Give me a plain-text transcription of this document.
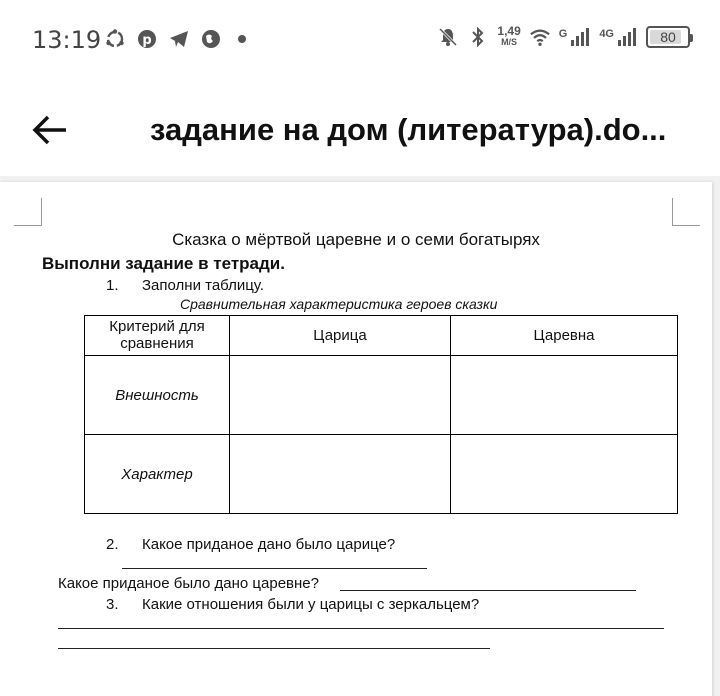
13:19	p
1,49
M/S
G	4G	80
задание на дом (литература).do...
Сказка о мёртвой царевне и о семи богатырях
Выполни задание в тетради.
1. Заполни таблицу.
Сравнительная характеристика героев сказки
Критерий для сравнения	Царица	Царевна
Внешность		
Характер		
2. Какое приданое дано было царице?
Какое приданое было дано царевне?
3. Какие отношения были у царицы с зеркальцем?
